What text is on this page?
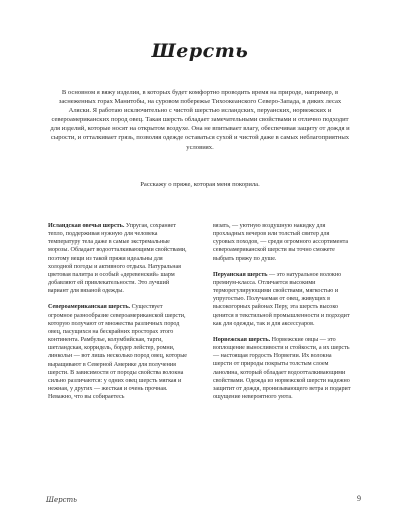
Шерсть

В основном я вяжу изделия, в которых будет комфортно проводить время на природе, например, в заснеженных горах Манитобы, на суровом побережье Тихоокеанского Северо-Запада, в диких лесах Аляски. Я работаю исключительно с чистой шерстью исландских, перуанских, норвежских и североамериканских пород овец. Такая шерсть обладает замечательными свойствами и отлично подходит для изделий, которые носят на открытом воздухе. Она не впитывает влагу, обеспечивая защиту от дождя и сырости, и отталкивает грязь, позволяя одежде оставаться сухой и чистой даже в самых неблагоприятных условиях.

Расскажу о пряже, которая меня покорила.

Исландская овечья шерсть. Упругая, сохраняет тепло, поддерживая нужную для человека температуру тела даже в самые экстремальные морозы. Обладает водоотталкивающими свойствами, поэтому вещи из такой пряжи идеальны для холодной погоды и активного отдыха. Натуральная цветовая палитра и особый «деревенский» шарм добавляют ей привлекательности. Это лучший вариант для вязаной одежды.

Североамериканская шерсть. Существует огромное разнообразие североамериканской шерсти, которую получают от множества различных пород овец, пасущихся на бескрайних просторах этого континента. Рамбулье, колумбийская, тарги, шетландская, корридель, бордер лейстер, ромни, линкольн — вот лишь несколько пород овец, которые выращивают в Северной Америке для получения шерсти. В зависимости от породы свойства волокна сильно различаются: у одних овец шерсть мягкая и нежная, у других — жесткая и очень прочная. Неважно, что вы собираетесь

вязать, — уютную воздушную накидку для прохладных вечеров или толстый свитер для суровых походов, — среди огромного ассортимента североамериканской шерсти вы точно сможете выбрать пряжу по душе.

Перуанская шерсть — это натуральное волокно премиум-класса. Отличается высокими терморегулирующими свойствами, мягкостью и упругостью. Получаемая от овец, живущих в высокогорных районах Перу, эта шерсть высоко ценится в текстильной промышленности и подходит как для одежды, так и для аксессуаров.

Норвежская шерсть. Норвежские овцы — это воплощение выносливости и стойкости, а их шерсть — настоящая гордость Норвегии. Их волокна шерсти от природы покрыты толстым слоем ланолина, который обладает водоотталкивающими свойствами. Одежда из норвежской шерсти надежно защитит от дождя, пронизывающего ветра и подарит ощущение невероятного уюта.

Шерсть	9
